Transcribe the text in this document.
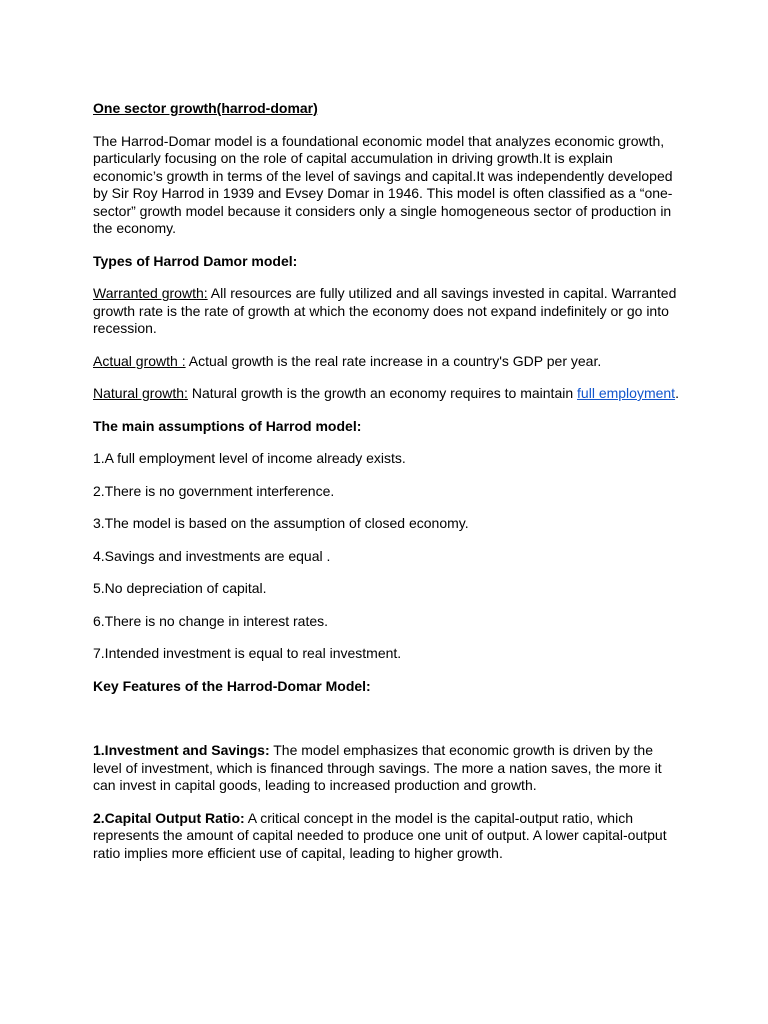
One sector growth(harrod-domar)

The Harrod-Domar model is a foundational economic model that analyzes economic growth, particularly focusing on the role of capital accumulation in driving growth.It is explain economic’s growth in terms of the level of savings and capital.It was independently developed by Sir Roy Harrod in 1939 and Evsey Domar in 1946. This model is often classified as a “one-sector” growth model because it considers only a single homogeneous sector of production in the economy.

Types of Harrod Damor model:

Warranted growth: All resources are fully utilized and all savings invested in capital. Warranted growth rate is the rate of growth at which the economy does not expand indefinitely or go into recession.

Actual growth : Actual growth is the real rate increase in a country's GDP per year.

Natural growth: Natural growth is the growth an economy requires to maintain full employment.

The main assumptions of Harrod model:

1.A full employment level of income already exists.

2.There is no government interference.

3.The model is based on the assumption of closed economy.

4.Savings and investments are equal .

5.No depreciation of capital.

6.There is no change in interest rates.

7.Intended investment is equal to real investment.

Key Features of the Harrod-Domar Model:

1.Investment and Savings: The model emphasizes that economic growth is driven by the level of investment, which is financed through savings. The more a nation saves, the more it can invest in capital goods, leading to increased production and growth.

2.Capital Output Ratio: A critical concept in the model is the capital-output ratio, which represents the amount of capital needed to produce one unit of output. A lower capital-output ratio implies more efficient use of capital, leading to higher growth.
